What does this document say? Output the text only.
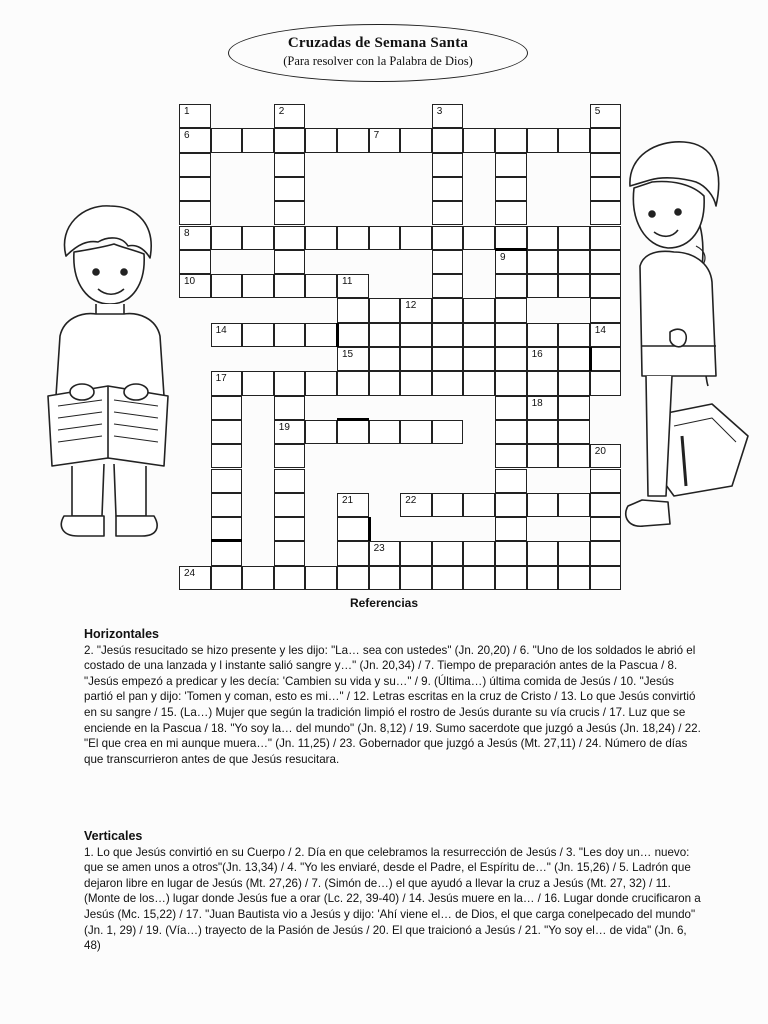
Cruzadas de Semana Santa
(Para resolver con la Palabra de Dios)
1	2	3	5
6	7
8
9
10	11
12
14	14
15	16
17
18
19
20
21	22
23
24
Referencias
Horizontales
2. "Jesús resucitado se hizo presente y les dijo: "La… sea con ustedes" (Jn. 20,20) / 6. "Uno de los soldados le abrió el costado de una lanzada y l instante salió sangre y…" (Jn. 20,34) / 7. Tiempo de preparación antes de la Pascua / 8. "Jesús empezó a predicar y les decía: 'Cambien su vida y su…" / 9. (Última…) última comida de Jesús / 10. "Jesús partió el pan y dijo: 'Tomen y coman, esto es mi…" / 12. Letras escritas en la cruz de Cristo / 13. Lo que Jesús convirtió en su sangre / 15. (La…) Mujer que según la tradición limpió el rostro de Jesús durante su vía crucis / 17. Luz que se enciende en la Pascua / 18. "Yo soy la… del mundo" (Jn. 8,12) / 19. Sumo sacerdote que juzgó a Jesús (Jn. 18,24) / 22. "El que crea en mi aunque muera…" (Jn. 11,25) / 23. Gobernador que juzgó a Jesús (Mt. 27,11) / 24. Número de días que transcurrieron antes de que Jesús resucitara.
Verticales
1. Lo que Jesús convirtió en su Cuerpo / 2. Día en que celebramos la resurrección de Jesús / 3. "Les doy un… nuevo: que se amen unos a otros"(Jn. 13,34) / 4. "Yo les enviaré, desde el Padre, el Espíritu de…" (Jn. 15,26) / 5. Ladrón que dejaron libre en lugar de Jesús (Mt. 27,26) / 7. (Simón de…) el que ayudó a llevar la cruz a Jesús (Mt. 27, 32) / 11. (Monte de los…) lugar donde Jesús fue a orar (Lc. 22, 39-40) / 14. Jesús muere en la… / 16. Lugar donde crucificaron a Jesús (Mc. 15,22) / 17. "Juan Bautista vio a Jesús y dijo: 'Ahí viene el… de Dios, el que carga conelpecado del mundo" (Jn. 1, 29) / 19. (Vía…) trayecto de la Pasión de Jesús / 20. El que traicionó a Jesús / 21. "Yo soy el… de vida" (Jn. 6, 48)
